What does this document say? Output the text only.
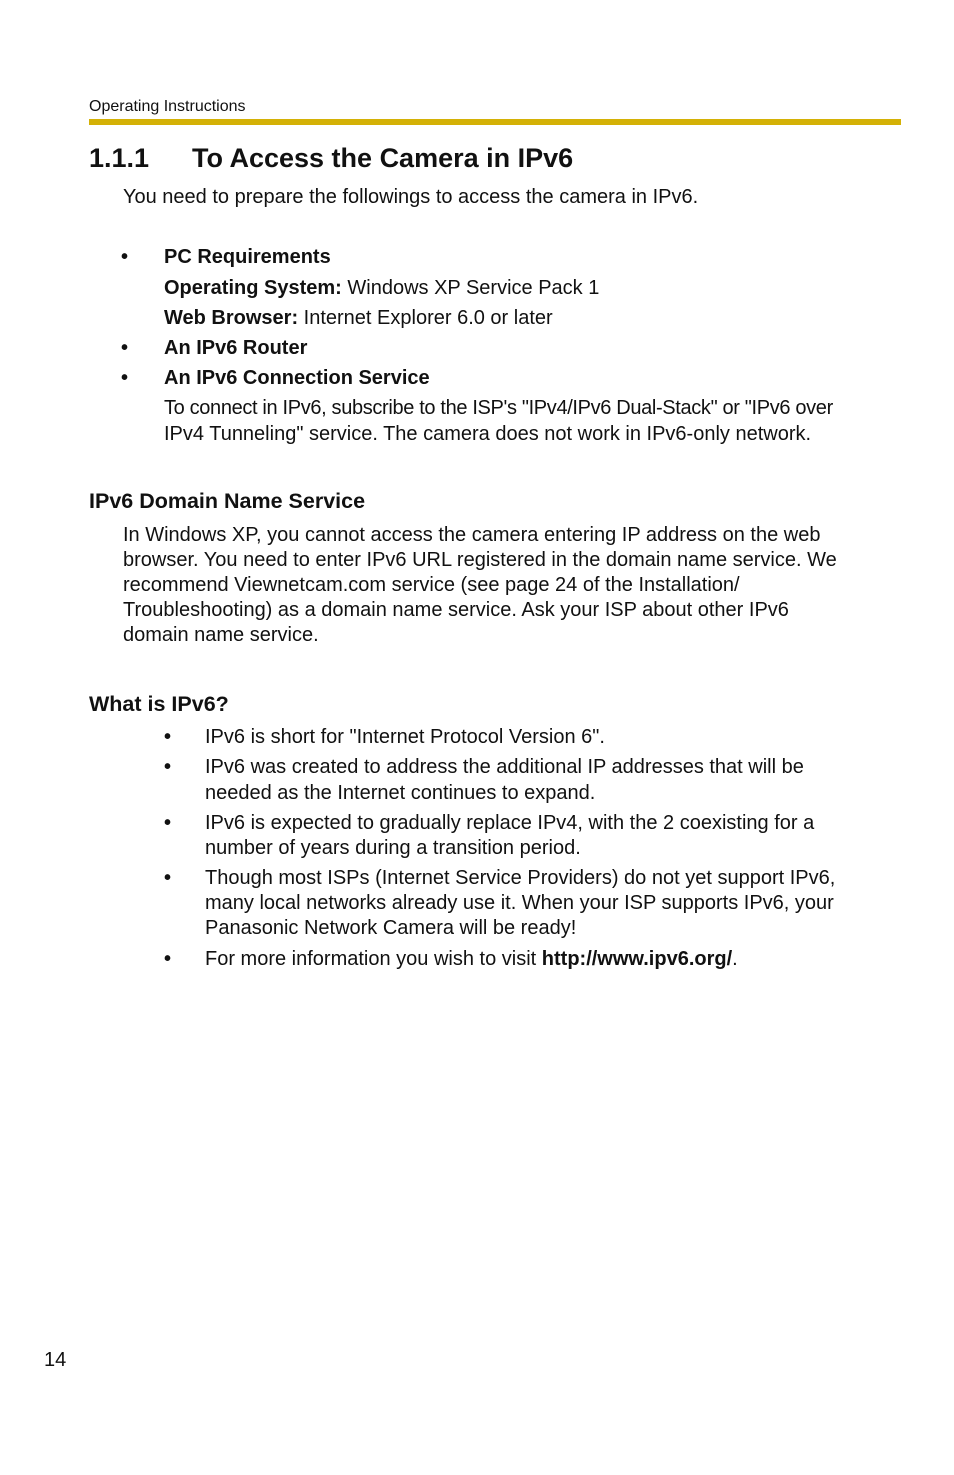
Operating Instructions
1.1.1 To Access the Camera in IPv6
You need to prepare the followings to access the camera in IPv6.
• PC Requirements
Operating System: Windows XP Service Pack 1
Web Browser: Internet Explorer 6.0 or later
• An IPv6 Router
• An IPv6 Connection Service
To connect in IPv6, subscribe to the ISP's "IPv4/IPv6 Dual-Stack" or "IPv6 over
IPv4 Tunneling" service. The camera does not work in IPv6-only network.
IPv6 Domain Name Service
In Windows XP, you cannot access the camera entering IP address on the web
browser. You need to enter IPv6 URL registered in the domain name service. We
recommend Viewnetcam.com service (see page 24 of the Installation/
Troubleshooting) as a domain name service. Ask your ISP about other IPv6
domain name service.
What is IPv6?
• IPv6 is short for "Internet Protocol Version 6".
• IPv6 was created to address the additional IP addresses that will be
needed as the Internet continues to expand.
• IPv6 is expected to gradually replace IPv4, with the 2 coexisting for a
number of years during a transition period.
• Though most ISPs (Internet Service Providers) do not yet support IPv6,
many local networks already use it. When your ISP supports IPv6, your
Panasonic Network Camera will be ready!
• For more information you wish to visit http://www.ipv6.org/.
14
